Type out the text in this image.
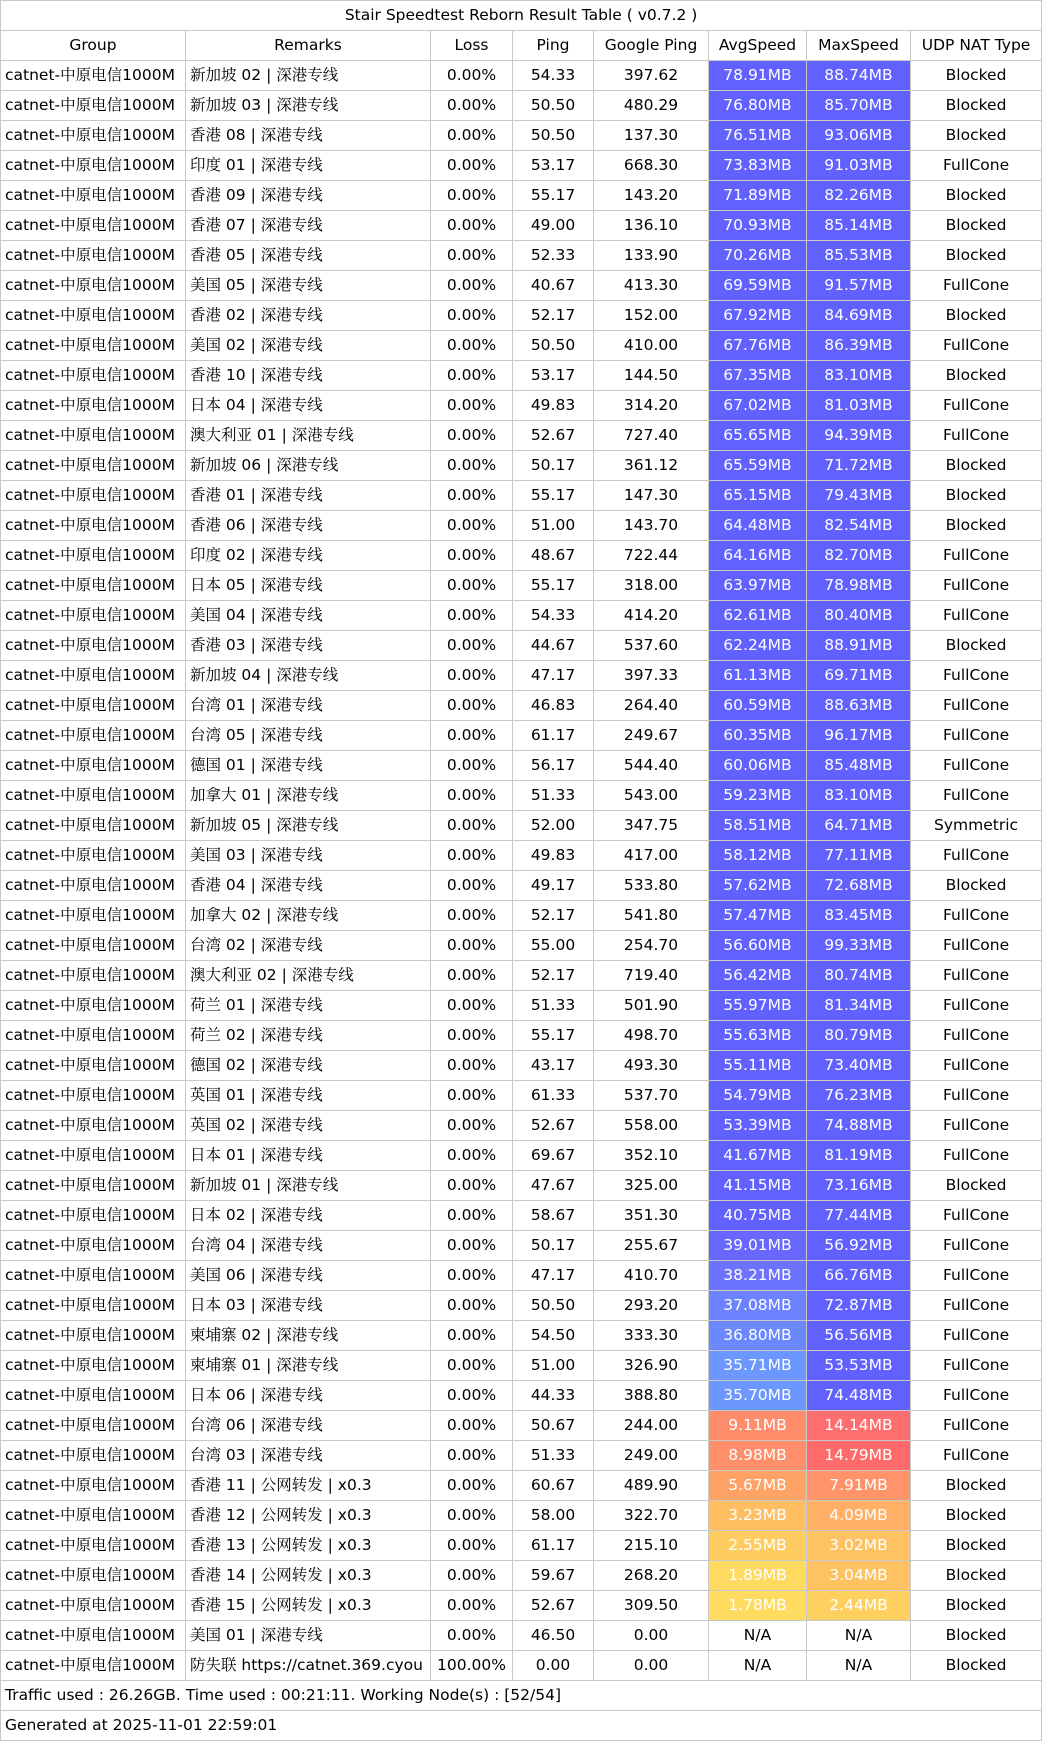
Stair Speedtest Reborn Result Table ( v0.7.2 )							
Group	Remarks	Loss	Ping	Google Ping	AvgSpeed	MaxSpeed	UDP NAT Type
catnet-中原电信1000M	新加坡 02 | 深港专线	0.00%	54.33	397.62	78.91MB	88.74MB	Blocked
catnet-中原电信1000M	新加坡 03 | 深港专线	0.00%	50.50	480.29	76.80MB	85.70MB	Blocked
catnet-中原电信1000M	香港 08 | 深港专线	0.00%	50.50	137.30	76.51MB	93.06MB	Blocked
catnet-中原电信1000M	印度 01 | 深港专线	0.00%	53.17	668.30	73.83MB	91.03MB	FullCone
catnet-中原电信1000M	香港 09 | 深港专线	0.00%	55.17	143.20	71.89MB	82.26MB	Blocked
catnet-中原电信1000M	香港 07 | 深港专线	0.00%	49.00	136.10	70.93MB	85.14MB	Blocked
catnet-中原电信1000M	香港 05 | 深港专线	0.00%	52.33	133.90	70.26MB	85.53MB	Blocked
catnet-中原电信1000M	美国 05 | 深港专线	0.00%	40.67	413.30	69.59MB	91.57MB	FullCone
catnet-中原电信1000M	香港 02 | 深港专线	0.00%	52.17	152.00	67.92MB	84.69MB	Blocked
catnet-中原电信1000M	美国 02 | 深港专线	0.00%	50.50	410.00	67.76MB	86.39MB	FullCone
catnet-中原电信1000M	香港 10 | 深港专线	0.00%	53.17	144.50	67.35MB	83.10MB	Blocked
catnet-中原电信1000M	日本 04 | 深港专线	0.00%	49.83	314.20	67.02MB	81.03MB	FullCone
catnet-中原电信1000M	澳大利亚 01 | 深港专线	0.00%	52.67	727.40	65.65MB	94.39MB	FullCone
catnet-中原电信1000M	新加坡 06 | 深港专线	0.00%	50.17	361.12	65.59MB	71.72MB	Blocked
catnet-中原电信1000M	香港 01 | 深港专线	0.00%	55.17	147.30	65.15MB	79.43MB	Blocked
catnet-中原电信1000M	香港 06 | 深港专线	0.00%	51.00	143.70	64.48MB	82.54MB	Blocked
catnet-中原电信1000M	印度 02 | 深港专线	0.00%	48.67	722.44	64.16MB	82.70MB	FullCone
catnet-中原电信1000M	日本 05 | 深港专线	0.00%	55.17	318.00	63.97MB	78.98MB	FullCone
catnet-中原电信1000M	美国 04 | 深港专线	0.00%	54.33	414.20	62.61MB	80.40MB	FullCone
catnet-中原电信1000M	香港 03 | 深港专线	0.00%	44.67	537.60	62.24MB	88.91MB	Blocked
catnet-中原电信1000M	新加坡 04 | 深港专线	0.00%	47.17	397.33	61.13MB	69.71MB	FullCone
catnet-中原电信1000M	台湾 01 | 深港专线	0.00%	46.83	264.40	60.59MB	88.63MB	FullCone
catnet-中原电信1000M	台湾 05 | 深港专线	0.00%	61.17	249.67	60.35MB	96.17MB	FullCone
catnet-中原电信1000M	德国 01 | 深港专线	0.00%	56.17	544.40	60.06MB	85.48MB	FullCone
catnet-中原电信1000M	加拿大 01 | 深港专线	0.00%	51.33	543.00	59.23MB	83.10MB	FullCone
catnet-中原电信1000M	新加坡 05 | 深港专线	0.00%	52.00	347.75	58.51MB	64.71MB	Symmetric
catnet-中原电信1000M	美国 03 | 深港专线	0.00%	49.83	417.00	58.12MB	77.11MB	FullCone
catnet-中原电信1000M	香港 04 | 深港专线	0.00%	49.17	533.80	57.62MB	72.68MB	Blocked
catnet-中原电信1000M	加拿大 02 | 深港专线	0.00%	52.17	541.80	57.47MB	83.45MB	FullCone
catnet-中原电信1000M	台湾 02 | 深港专线	0.00%	55.00	254.70	56.60MB	99.33MB	FullCone
catnet-中原电信1000M	澳大利亚 02 | 深港专线	0.00%	52.17	719.40	56.42MB	80.74MB	FullCone
catnet-中原电信1000M	荷兰 01 | 深港专线	0.00%	51.33	501.90	55.97MB	81.34MB	FullCone
catnet-中原电信1000M	荷兰 02 | 深港专线	0.00%	55.17	498.70	55.63MB	80.79MB	FullCone
catnet-中原电信1000M	德国 02 | 深港专线	0.00%	43.17	493.30	55.11MB	73.40MB	FullCone
catnet-中原电信1000M	英国 01 | 深港专线	0.00%	61.33	537.70	54.79MB	76.23MB	FullCone
catnet-中原电信1000M	英国 02 | 深港专线	0.00%	52.67	558.00	53.39MB	74.88MB	FullCone
catnet-中原电信1000M	日本 01 | 深港专线	0.00%	69.67	352.10	41.67MB	81.19MB	FullCone
catnet-中原电信1000M	新加坡 01 | 深港专线	0.00%	47.67	325.00	41.15MB	73.16MB	Blocked
catnet-中原电信1000M	日本 02 | 深港专线	0.00%	58.67	351.30	40.75MB	77.44MB	FullCone
catnet-中原电信1000M	台湾 04 | 深港专线	0.00%	50.17	255.67	39.01MB	56.92MB	FullCone
catnet-中原电信1000M	美国 06 | 深港专线	0.00%	47.17	410.70	38.21MB	66.76MB	FullCone
catnet-中原电信1000M	日本 03 | 深港专线	0.00%	50.50	293.20	37.08MB	72.87MB	FullCone
catnet-中原电信1000M	柬埔寨 02 | 深港专线	0.00%	54.50	333.30	36.80MB	56.56MB	FullCone
catnet-中原电信1000M	柬埔寨 01 | 深港专线	0.00%	51.00	326.90	35.71MB	53.53MB	FullCone
catnet-中原电信1000M	日本 06 | 深港专线	0.00%	44.33	388.80	35.70MB	74.48MB	FullCone
catnet-中原电信1000M	台湾 06 | 深港专线	0.00%	50.67	244.00	9.11MB	14.14MB	FullCone
catnet-中原电信1000M	台湾 03 | 深港专线	0.00%	51.33	249.00	8.98MB	14.79MB	FullCone
catnet-中原电信1000M	香港 11 | 公网转发 | x0.3	0.00%	60.67	489.90	5.67MB	7.91MB	Blocked
catnet-中原电信1000M	香港 12 | 公网转发 | x0.3	0.00%	58.00	322.70	3.23MB	4.09MB	Blocked
catnet-中原电信1000M	香港 13 | 公网转发 | x0.3	0.00%	61.17	215.10	2.55MB	3.02MB	Blocked
catnet-中原电信1000M	香港 14 | 公网转发 | x0.3	0.00%	59.67	268.20	1.89MB	3.04MB	Blocked
catnet-中原电信1000M	香港 15 | 公网转发 | x0.3	0.00%	52.67	309.50	1.78MB	2.44MB	Blocked
catnet-中原电信1000M	美国 01 | 深港专线	0.00%	46.50	0.00	N/A	N/A	Blocked
catnet-中原电信1000M	防失联 https://catnet.369.cyou	100.00%	0.00	0.00	N/A	N/A	Blocked
Traffic used : 26.26GB. Time used : 00:21:11. Working Node(s) : [52/54]							
Generated at 2025-11-01 22:59:01							
